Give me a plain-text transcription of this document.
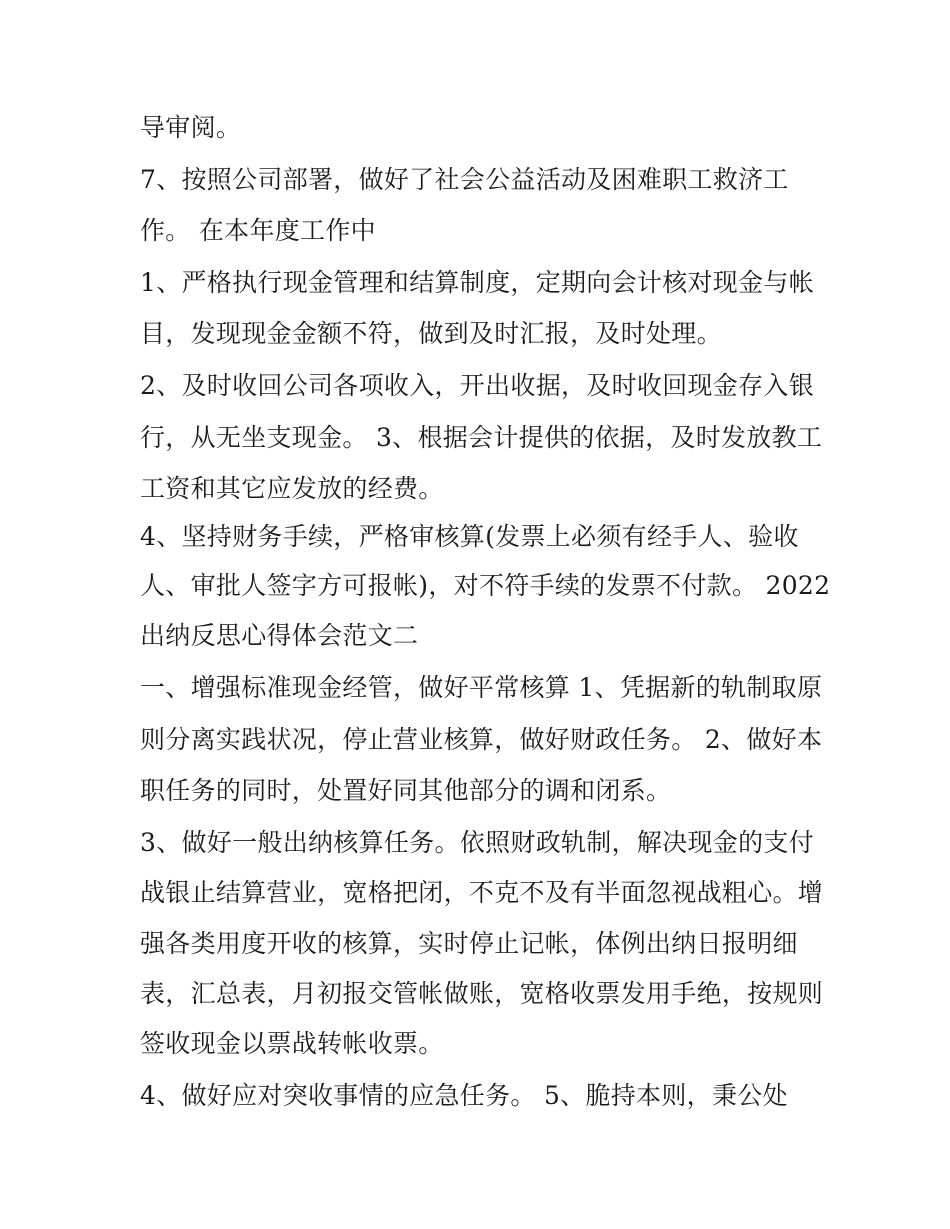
导审阅。

7、按照公司部署，做好了社会公益活动及困难职工救济工

作。 在本年度工作中

1、严格执行现金管理和结算制度，定期向会计核对现金与帐

目，发现现金金额不符，做到及时汇报，及时处理。

2、及时收回公司各项收入，开出收据，及时收回现金存入银

行，从无坐支现金。 3、根据会计提供的依据，及时发放教工

工资和其它应发放的经费。

4、坚持财务手续，严格审核算(发票上必须有经手人、验收

人、审批人签字方可报帐)，对不符手续的发票不付款。 2022

出纳反思心得体会范文二

一、增强标准现金经管，做好平常核算 1、凭据新的轨制取原

则分离实践状况，停止营业核算，做好财政任务。 2、做好本

职任务的同时，处置好同其他部分的调和闭系。

3、做好一般出纳核算任务。依照财政轨制，解决现金的支付

战银止结算营业，宽格把闭，不克不及有半面忽视战粗心。增

强各类用度开收的核算，实时停止记帐，体例出纳日报明细

表，汇总表，月初报交管帐做账，宽格收票发用手绝，按规则

签收现金以票战转帐收票。

4、做好应对突收事情的应急任务。 5、脆持本则，秉公处
